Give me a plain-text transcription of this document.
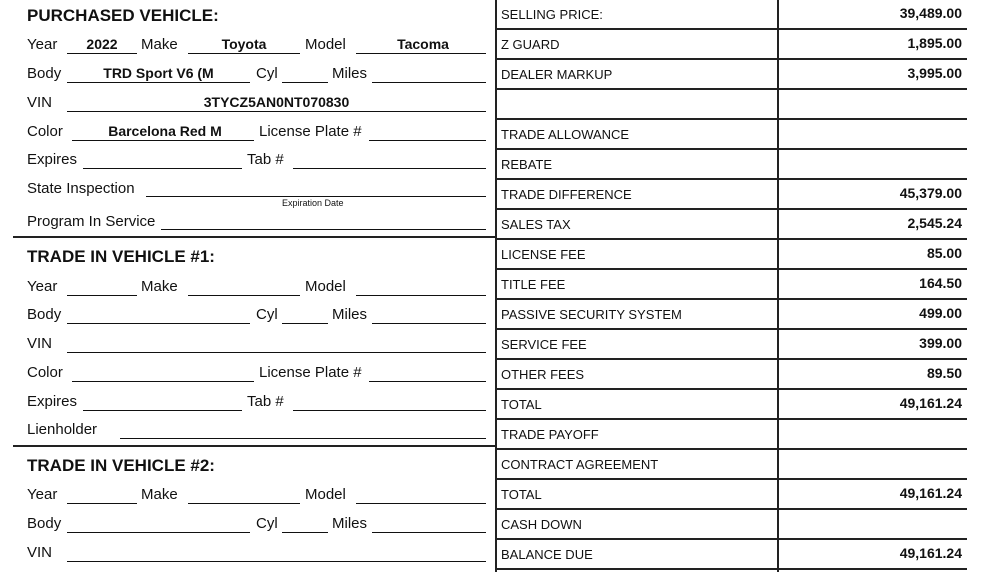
PURCHASED VEHICLE:
Year	2022	Make	Toyota	Model	Tacoma
Body	TRD Sport V6 (M	Cyl	Miles
VIN	3TYCZ5AN0NT070830
Color	Barcelona Red M	License Plate #
Expires	Tab #
State Inspection
Expiration Date
Program In Service
TRADE IN VEHICLE #1:
Year	Make	Model
Body	Cyl	Miles
VIN
Color	License Plate #
Expires	Tab #
Lienholder
TRADE IN VEHICLE #2:
Year	Make	Model
Body	Cyl	Miles
VIN
SELLING PRICE:	39,489.00
Z GUARD	1,895.00
DEALER MARKUP	3,995.00
TRADE ALLOWANCE
REBATE
TRADE DIFFERENCE	45,379.00
SALES TAX	2,545.24
LICENSE FEE	85.00
TITLE FEE	164.50
PASSIVE SECURITY SYSTEM	499.00
SERVICE FEE	399.00
OTHER FEES	89.50
TOTAL	49,161.24
TRADE PAYOFF
CONTRACT AGREEMENT
TOTAL	49,161.24
CASH DOWN
BALANCE DUE	49,161.24
